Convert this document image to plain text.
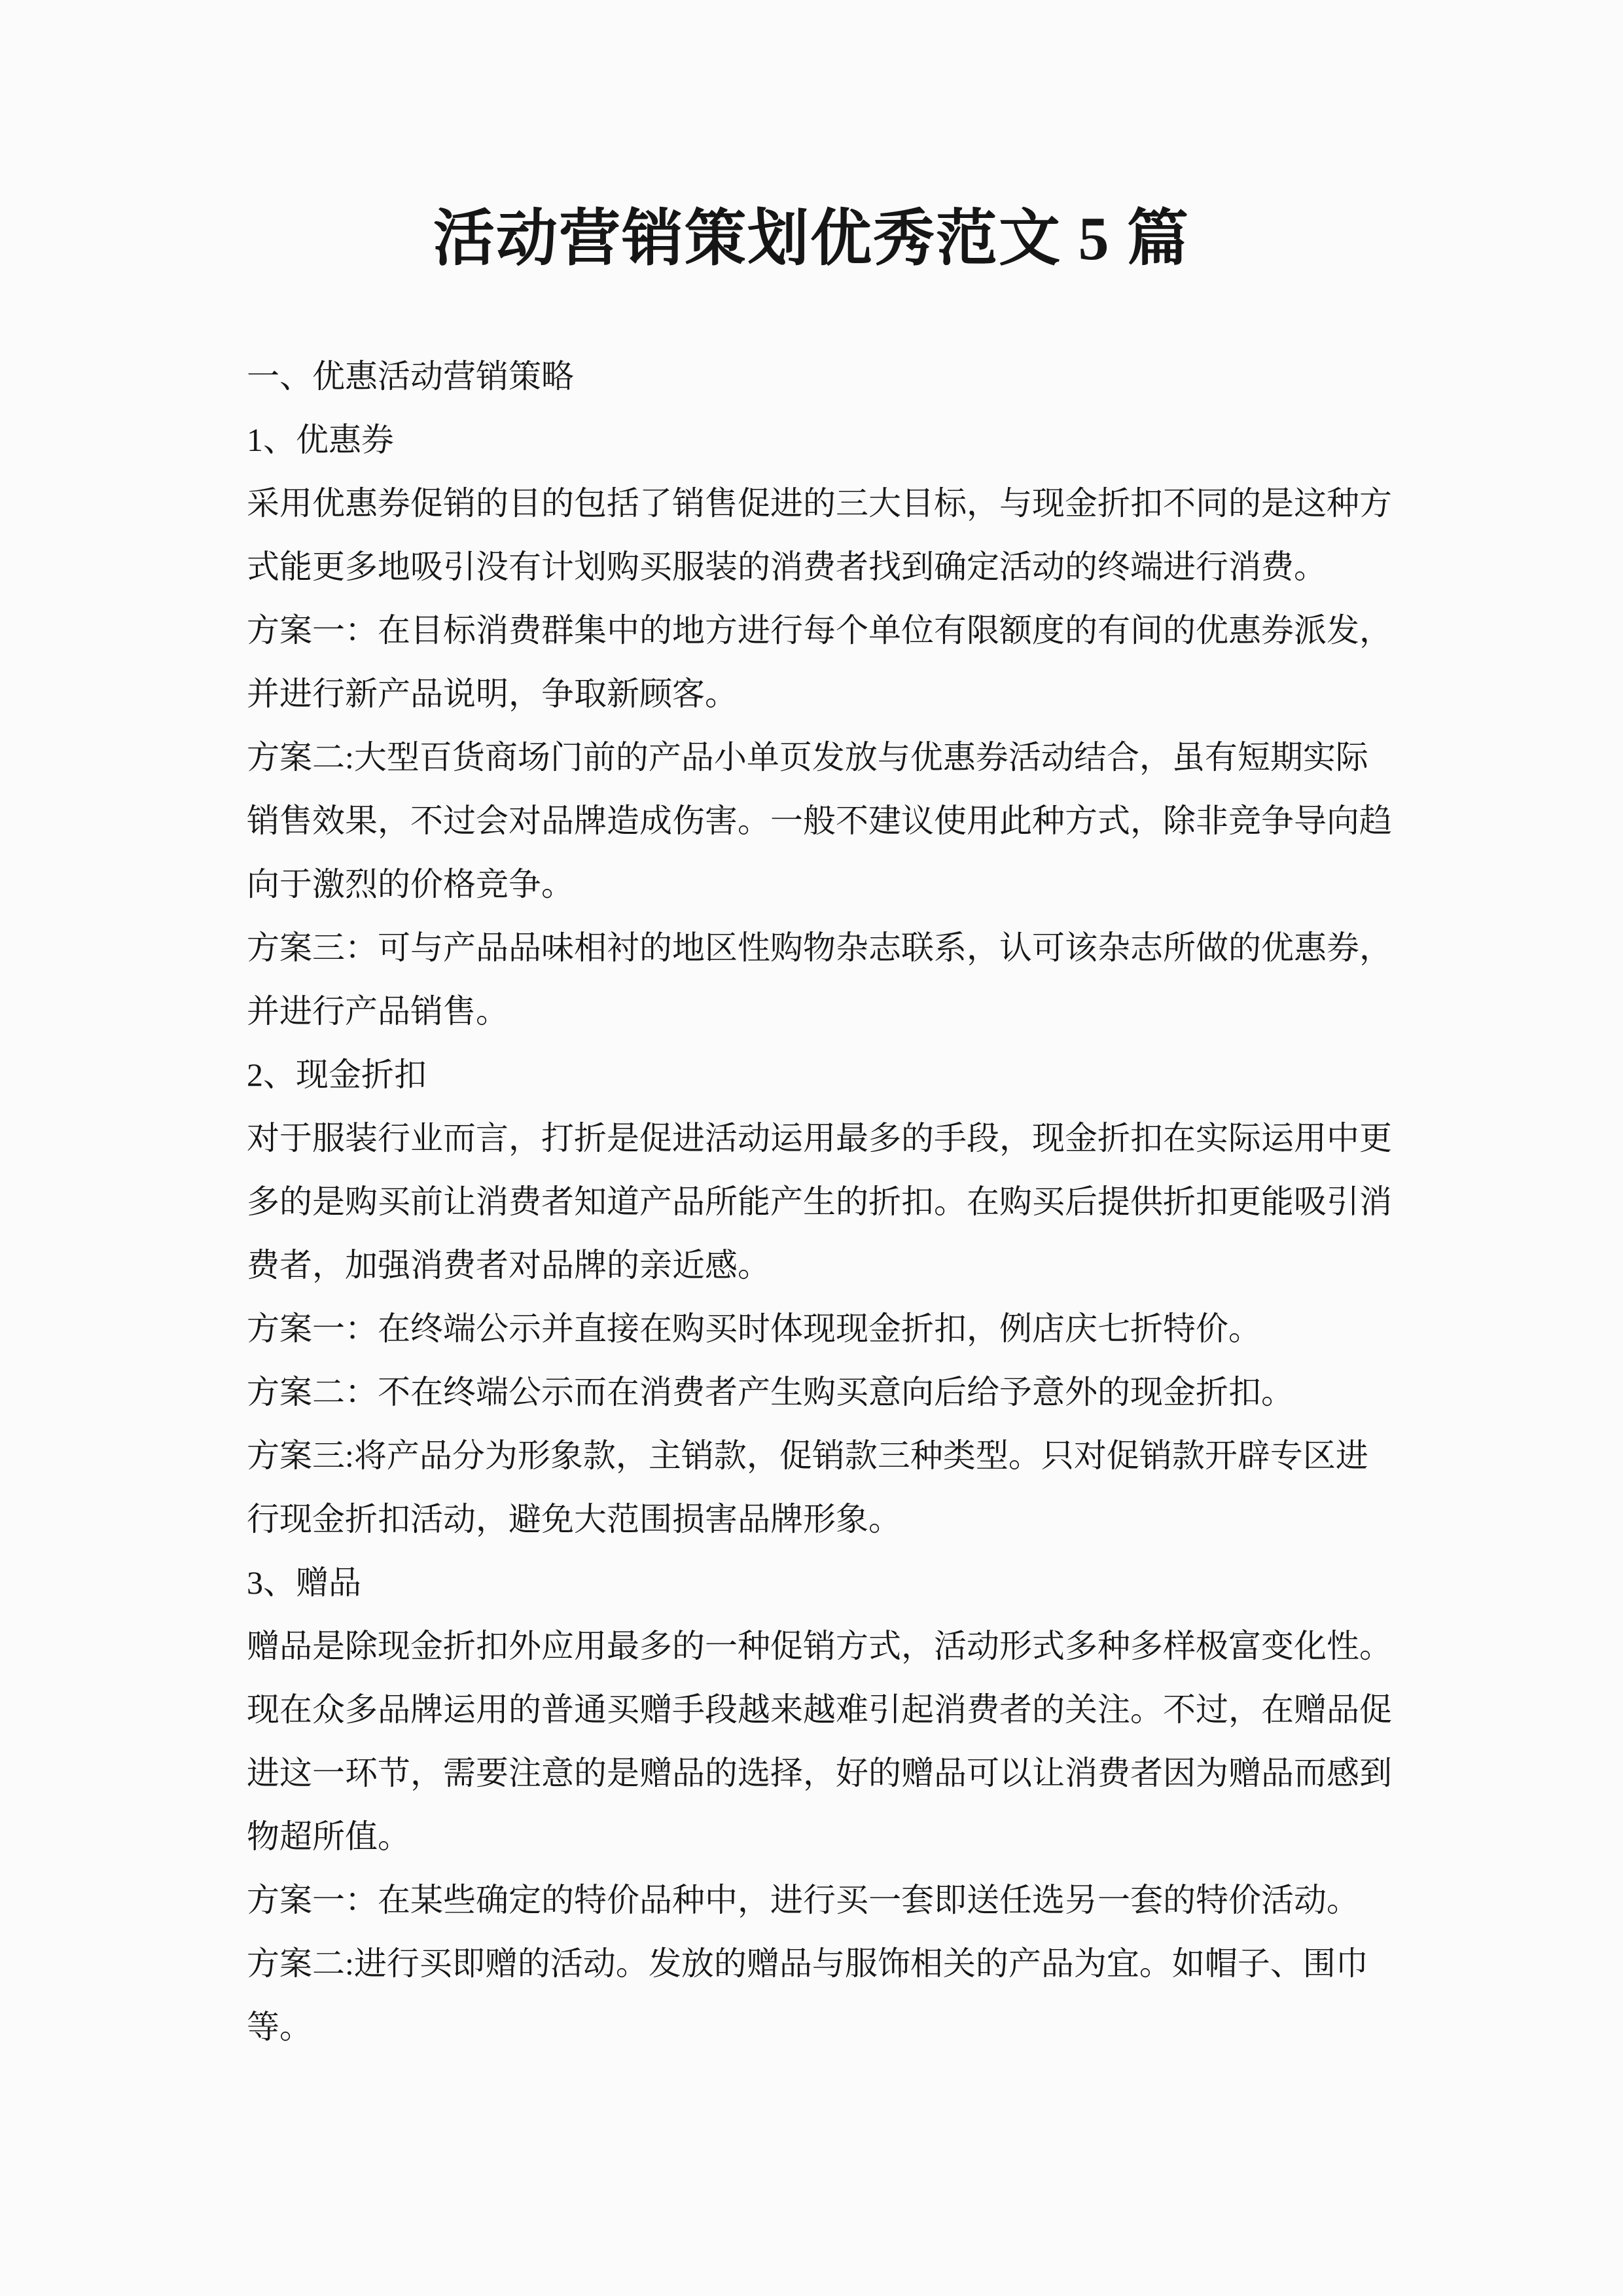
活动营销策划优秀范文 5 篇
一、优惠活动营销策略
1、优惠券
采用优惠券促销的目的包括了销售促进的三大目标，与现金折扣不同的是这种方
式能更多地吸引没有计划购买服装的消费者找到确定活动的终端进行消费。
方案一：在目标消费群集中的地方进行每个单位有限额度的有间的优惠券派发，
并进行新产品说明，争取新顾客。
方案二:大型百货商场门前的产品小单页发放与优惠券活动结合，虽有短期实际
销售效果，不过会对品牌造成伤害。一般不建议使用此种方式，除非竞争导向趋
向于激烈的价格竞争。
方案三：可与产品品味相衬的地区性购物杂志联系，认可该杂志所做的优惠券，
并进行产品销售。
2、现金折扣
对于服装行业而言，打折是促进活动运用最多的手段，现金折扣在实际运用中更
多的是购买前让消费者知道产品所能产生的折扣。在购买后提供折扣更能吸引消
费者，加强消费者对品牌的亲近感。
方案一：在终端公示并直接在购买时体现现金折扣，例店庆七折特价。
方案二：不在终端公示而在消费者产生购买意向后给予意外的现金折扣。
方案三:将产品分为形象款，主销款，促销款三种类型。只对促销款开辟专区进
行现金折扣活动，避免大范围损害品牌形象。
3、赠品
赠品是除现金折扣外应用最多的一种促销方式，活动形式多种多样极富变化性。
现在众多品牌运用的普通买赠手段越来越难引起消费者的关注。不过，在赠品促
进这一环节，需要注意的是赠品的选择，好的赠品可以让消费者因为赠品而感到
物超所值。
方案一：在某些确定的特价品种中，进行买一套即送任选另一套的特价活动。
方案二:进行买即赠的活动。发放的赠品与服饰相关的产品为宜。如帽子、围巾
等。
